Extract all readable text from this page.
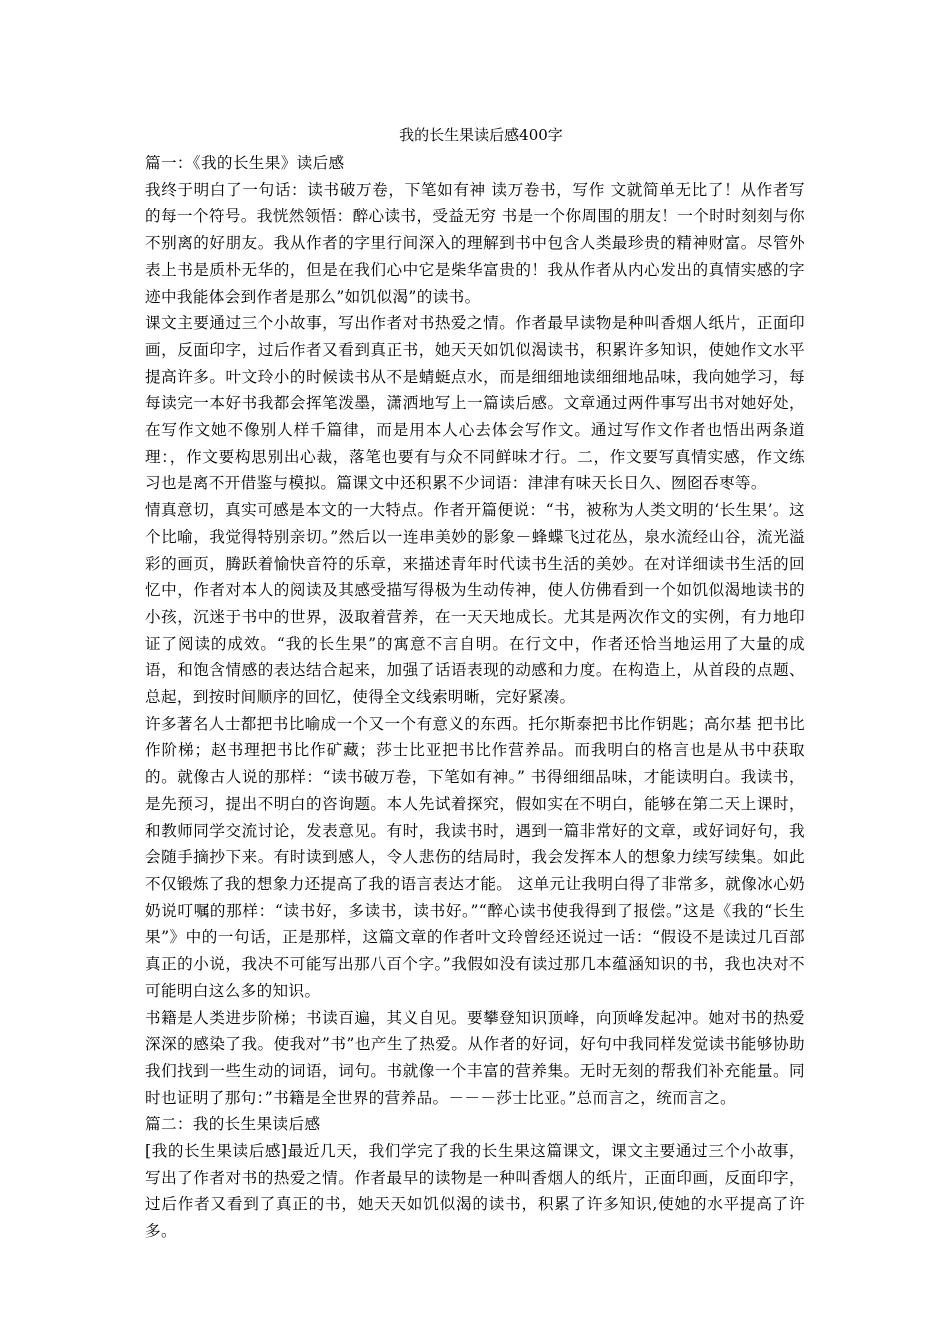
我的长生果读后感400字

篇一：《我的长生果》读后感

我终于明白了一句话：读书破万卷，下笔如有神 读万卷书，写作 文就简单无比了！从作者写的每一个符号。我恍然领悟：醉心读书，受益无穷 书是一个你周围的朋友！一个时时刻刻与你不别离的好朋友。我从作者的字里行间深入的理解到书中包含人类最珍贵的精神财富。尽管外表上书是质朴无华的，但是在我们心中它是柴华富贵的！我从作者从内心发出的真情实感的字迹中我能体会到作者是那么”如饥似渴”的读书。

课文主要通过三个小故事，写出作者对书热爱之情。作者最早读物是种叫香烟人纸片，正面印画，反面印字，过后作者又看到真正书，她天天如饥似渴读书，积累许多知识，使她作文水平提高许多。叶文玲小的时候读书从不是蜻蜓点水，而是细细地读细细地品味，我向她学习，每每读完一本好书我都会挥笔泼墨，潇洒地写上一篇读后感。文章通过两件事写出书对她好处，在写作文她不像别人样千篇律，而是用本人心去体会写作文。通过写作文作者也悟出两条道理：，作文要构思别出心裁，落笔也要有与众不同鲜味才行。二，作文要写真情实感，作文练习也是离不开借鉴与模拟。篇课文中还积累不少词语：津津有味天长日久、囫囵吞枣等。

情真意切，真实可感是本文的一大特点。作者开篇便说：“书，被称为人类文明的‘长生果’。这个比喻，我觉得特别亲切。”然后以一连串美妙的影象－蜂蝶飞过花丛，泉水流经山谷，流光溢彩的画页，腾跃着愉快音符的乐章，来描述青年时代读书生活的美妙。在对详细读书生活的回忆中，作者对本人的阅读及其感受描写得极为生动传神，使人仿佛看到一个如饥似渴地读书的小孩，沉迷于书中的世界，汲取着营养，在一天天地成长。尤其是两次作文的实例，有力地印证了阅读的成效。“我的长生果”的寓意不言自明。在行文中，作者还恰当地运用了大量的成语，和饱含情感的表达结合起来，加强了话语表现的动感和力度。在构造上，从首段的点题、总起，到按时间顺序的回忆，使得全文线索明晰，完好紧凑。

许多著名人士都把书比喻成一个又一个有意义的东西。托尔斯泰把书比作钥匙；高尔基 把书比作阶梯；赵书理把书比作矿藏；莎士比亚把书比作营养品。而我明白的格言也是从书中获取的。就像古人说的那样：“读书破万卷，下笔如有神。” 书得细细品味，才能读明白。我读书，是先预习，提出不明白的咨询题。本人先试着探究，假如实在不明白，能够在第二天上课时，和教师同学交流讨论，发表意见。有时，我读书时，遇到一篇非常好的文章，或好词好句，我会随手摘抄下来。有时读到感人，令人悲伤的结局时，我会发挥本人的想象力续写续集。如此不仅锻炼了我的想象力还提高了我的语言表达才能。 这单元让我明白得了非常多，就像冰心奶奶说叮嘱的那样：“读书好，多读书，读书好。”“醉心读书使我得到了报偿。”这是《我的“长生果”》中的一句话，正是那样，这篇文章的作者叶文玲曾经还说过一话：“假设不是读过几百部真正的小说，我决不可能写出那八百个字。”我假如没有读过那几本蕴涵知识的书，我也决对不可能明白这么多的知识。

书籍是人类进步阶梯；书读百遍，其义自见。要攀登知识顶峰，向顶峰发起冲。她对书的热爱深深的感染了我。使我对”书”也产生了热爱。从作者的好词，好句中我同样发觉读书能够协助我们找到一些生动的词语，词句。书就像一个丰富的营养集。无时无刻的帮我们补充能量。同时也证明了那句：”书籍是全世界的营养品。－－－莎士比亚。”总而言之，统而言之。

篇二：我的长生果读后感

[我的长生果读后感]最近几天，我们学完了我的长生果这篇课文，课文主要通过三个小故事，写出了作者对书的热爱之情。作者最早的读物是一种叫香烟人的纸片，正面印画，反面印字，过后作者又看到了真正的书，她天天如饥似渴的读书，积累了许多知识,使她的水平提高了许多。
